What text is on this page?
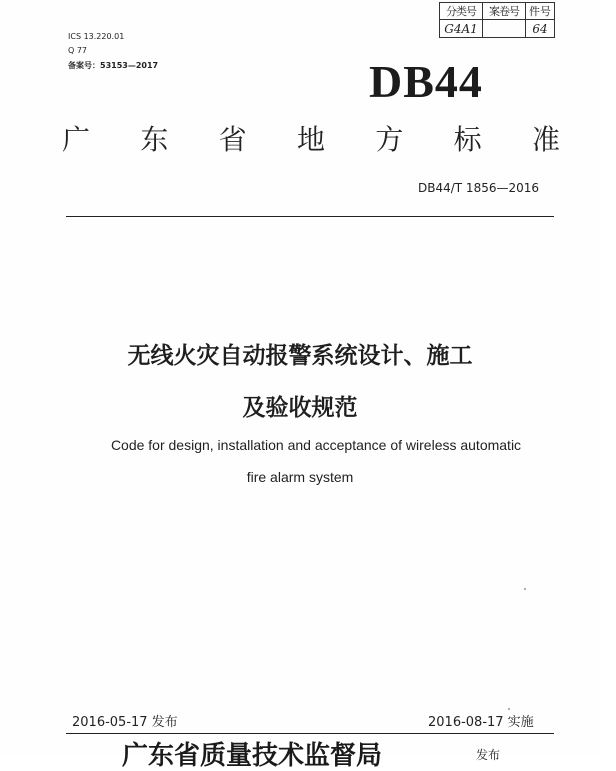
分类号	案卷号	件号
G4A1		64
ICS 13.220.01
Q 77
备案号：53153—2017	DB44
广 东 省 地 方 标 准
DB44/T 1856—2016
无线火灾自动报警系统设计、施工
及验收规范
Code for design, installation and acceptance of wireless automatic
fire alarm system
2016-05-17 发布	2016-08-17 实施
广东省质量技术监督局	发布
